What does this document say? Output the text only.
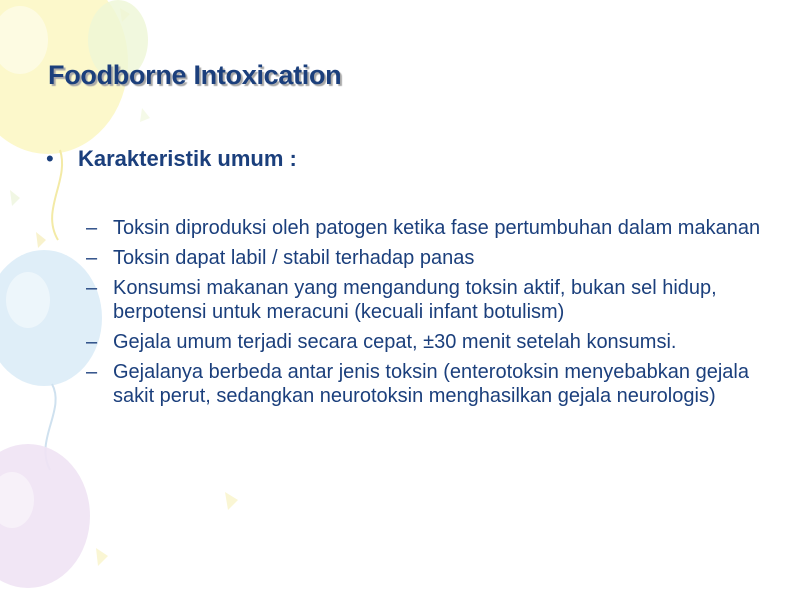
Foodborne Intoxication
•	Karakteristik umum :
– Toksin diproduksi oleh patogen ketika fase pertumbuhan dalam makanan
– Toksin dapat labil / stabil terhadap panas
– Konsumsi makanan yang mengandung toksin aktif, bukan sel hidup, berpotensi untuk meracuni (kecuali infant botulism)
– Gejala umum terjadi secara cepat, ±30 menit setelah konsumsi.
– Gejalanya berbeda antar jenis toksin (enterotoksin menyebabkan gejala sakit perut, sedangkan neurotoksin menghasilkan gejala neurologis)
